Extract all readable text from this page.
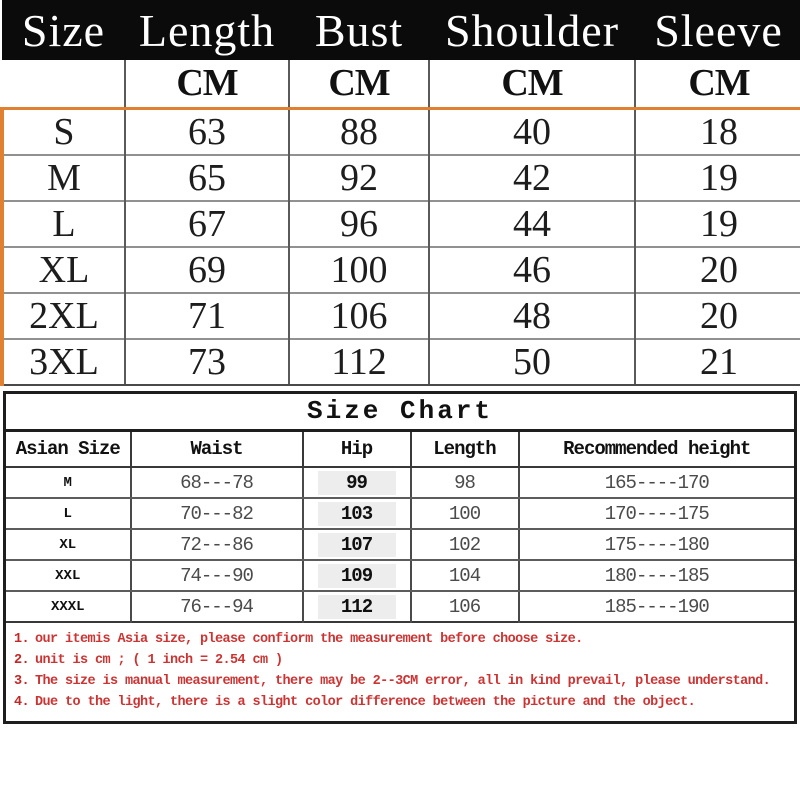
Size	Length	Bust	Shoulder	Sleeve
	CM	CM	CM	CM
S	63	88	40	18
M	65	92	42	19
L	67	96	44	19
XL	69	100	46	20
2XL	71	106	48	20
3XL	73	112	50	21
Size Chart				
Asian Size	Waist	Hip	Length	Recommended height
M	68---78	99	98	165----170
L	70---82	103	100	170----175
XL	72---86	107	102	175----180
XXL	74---90	109	104	180----185
XXXL	76---94	112	106	185----190

1. our itemis Asia size, please confiorm the measurement before choose size.
2. unit is cm ; ( 1 inch = 2.54 cm )
3. The size is manual measurement, there may be 2--3CM error, all in kind prevail, please understand.
4. Due to the light, there is a slight color difference between the picture and the object.				
